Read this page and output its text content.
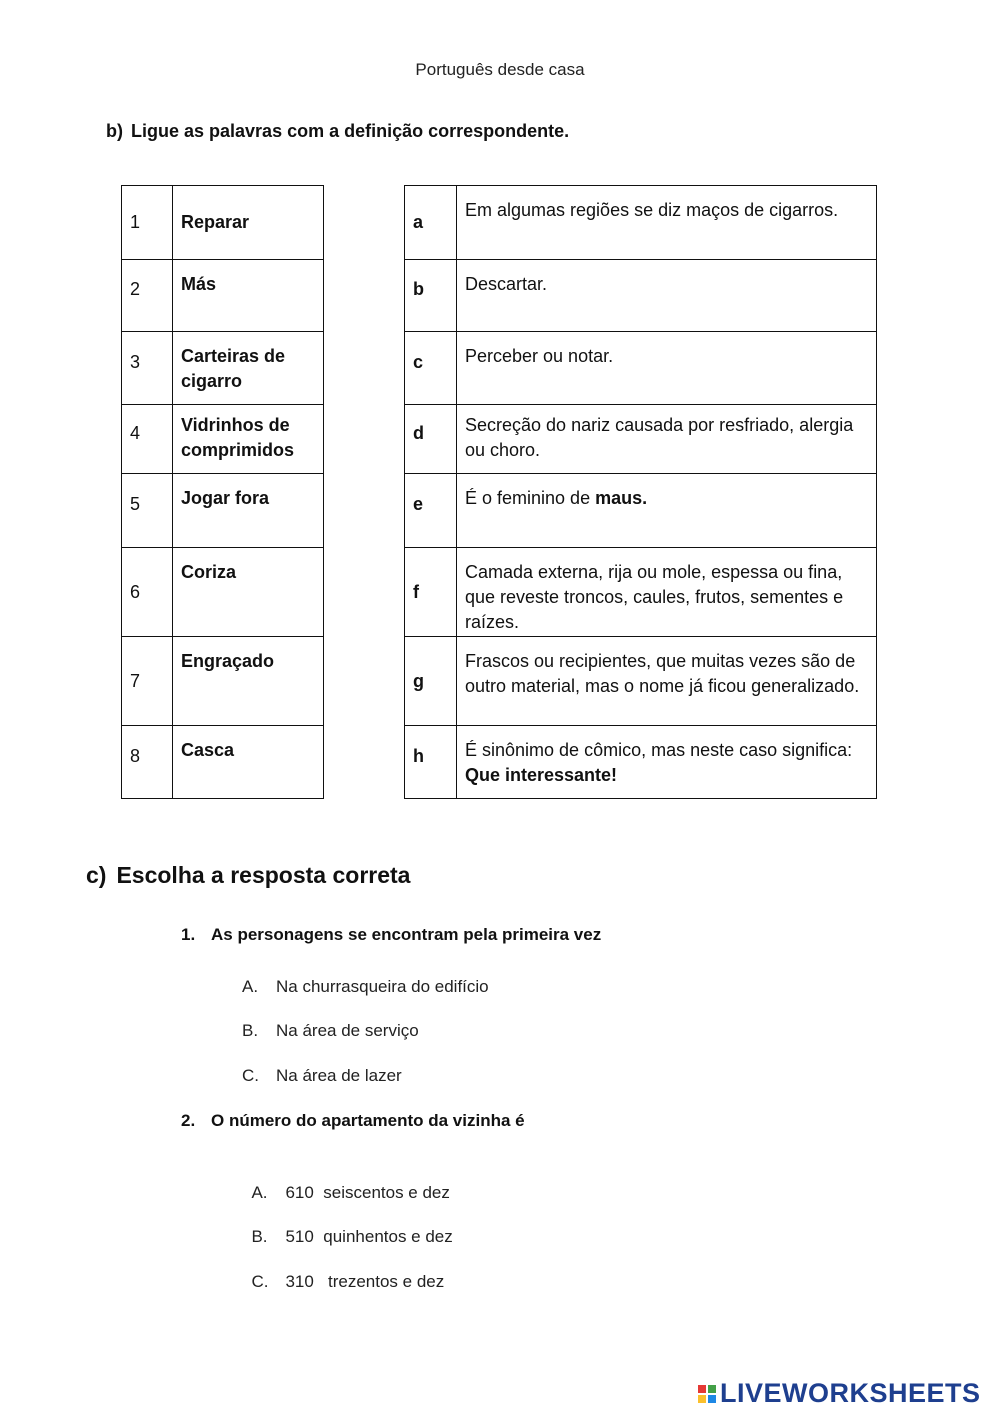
Português desde casa
b) Ligue as palavras com a definição correspondente.
1	Reparar		a	Em algumas regiões se diz maços de cigarros.
2	Más		b	Descartar.
3	Carteiras de cigarro		c	Perceber ou notar.
4	Vidrinhos de comprimidos		d	Secreção do nariz causada por resfriado, alergia ou choro.
5	Jogar fora		e	É o feminino de maus.
6	Coriza		f	Camada externa, rija ou mole, espessa ou fina, que reveste troncos, caules, frutos, sementes e raízes.
7	Engraçado		g	Frascos ou recipientes, que muitas vezes são de outro material, mas o nome já ficou generalizado.
8	Casca		h	É sinônimo de cômico, mas neste caso significa: Que interessante!
c) Escolha a resposta correta
1. As personagens se encontram pela primeira vez
A. Na churrasqueira do edifício
B. Na área de serviço
C. Na área de lazer
2. O número do apartamento da vizinha é

A. 610  seiscentos e dez

B. 510  quinhentos e dez

C. 310   trezentos e dez

LIVEWORKSHEETS
